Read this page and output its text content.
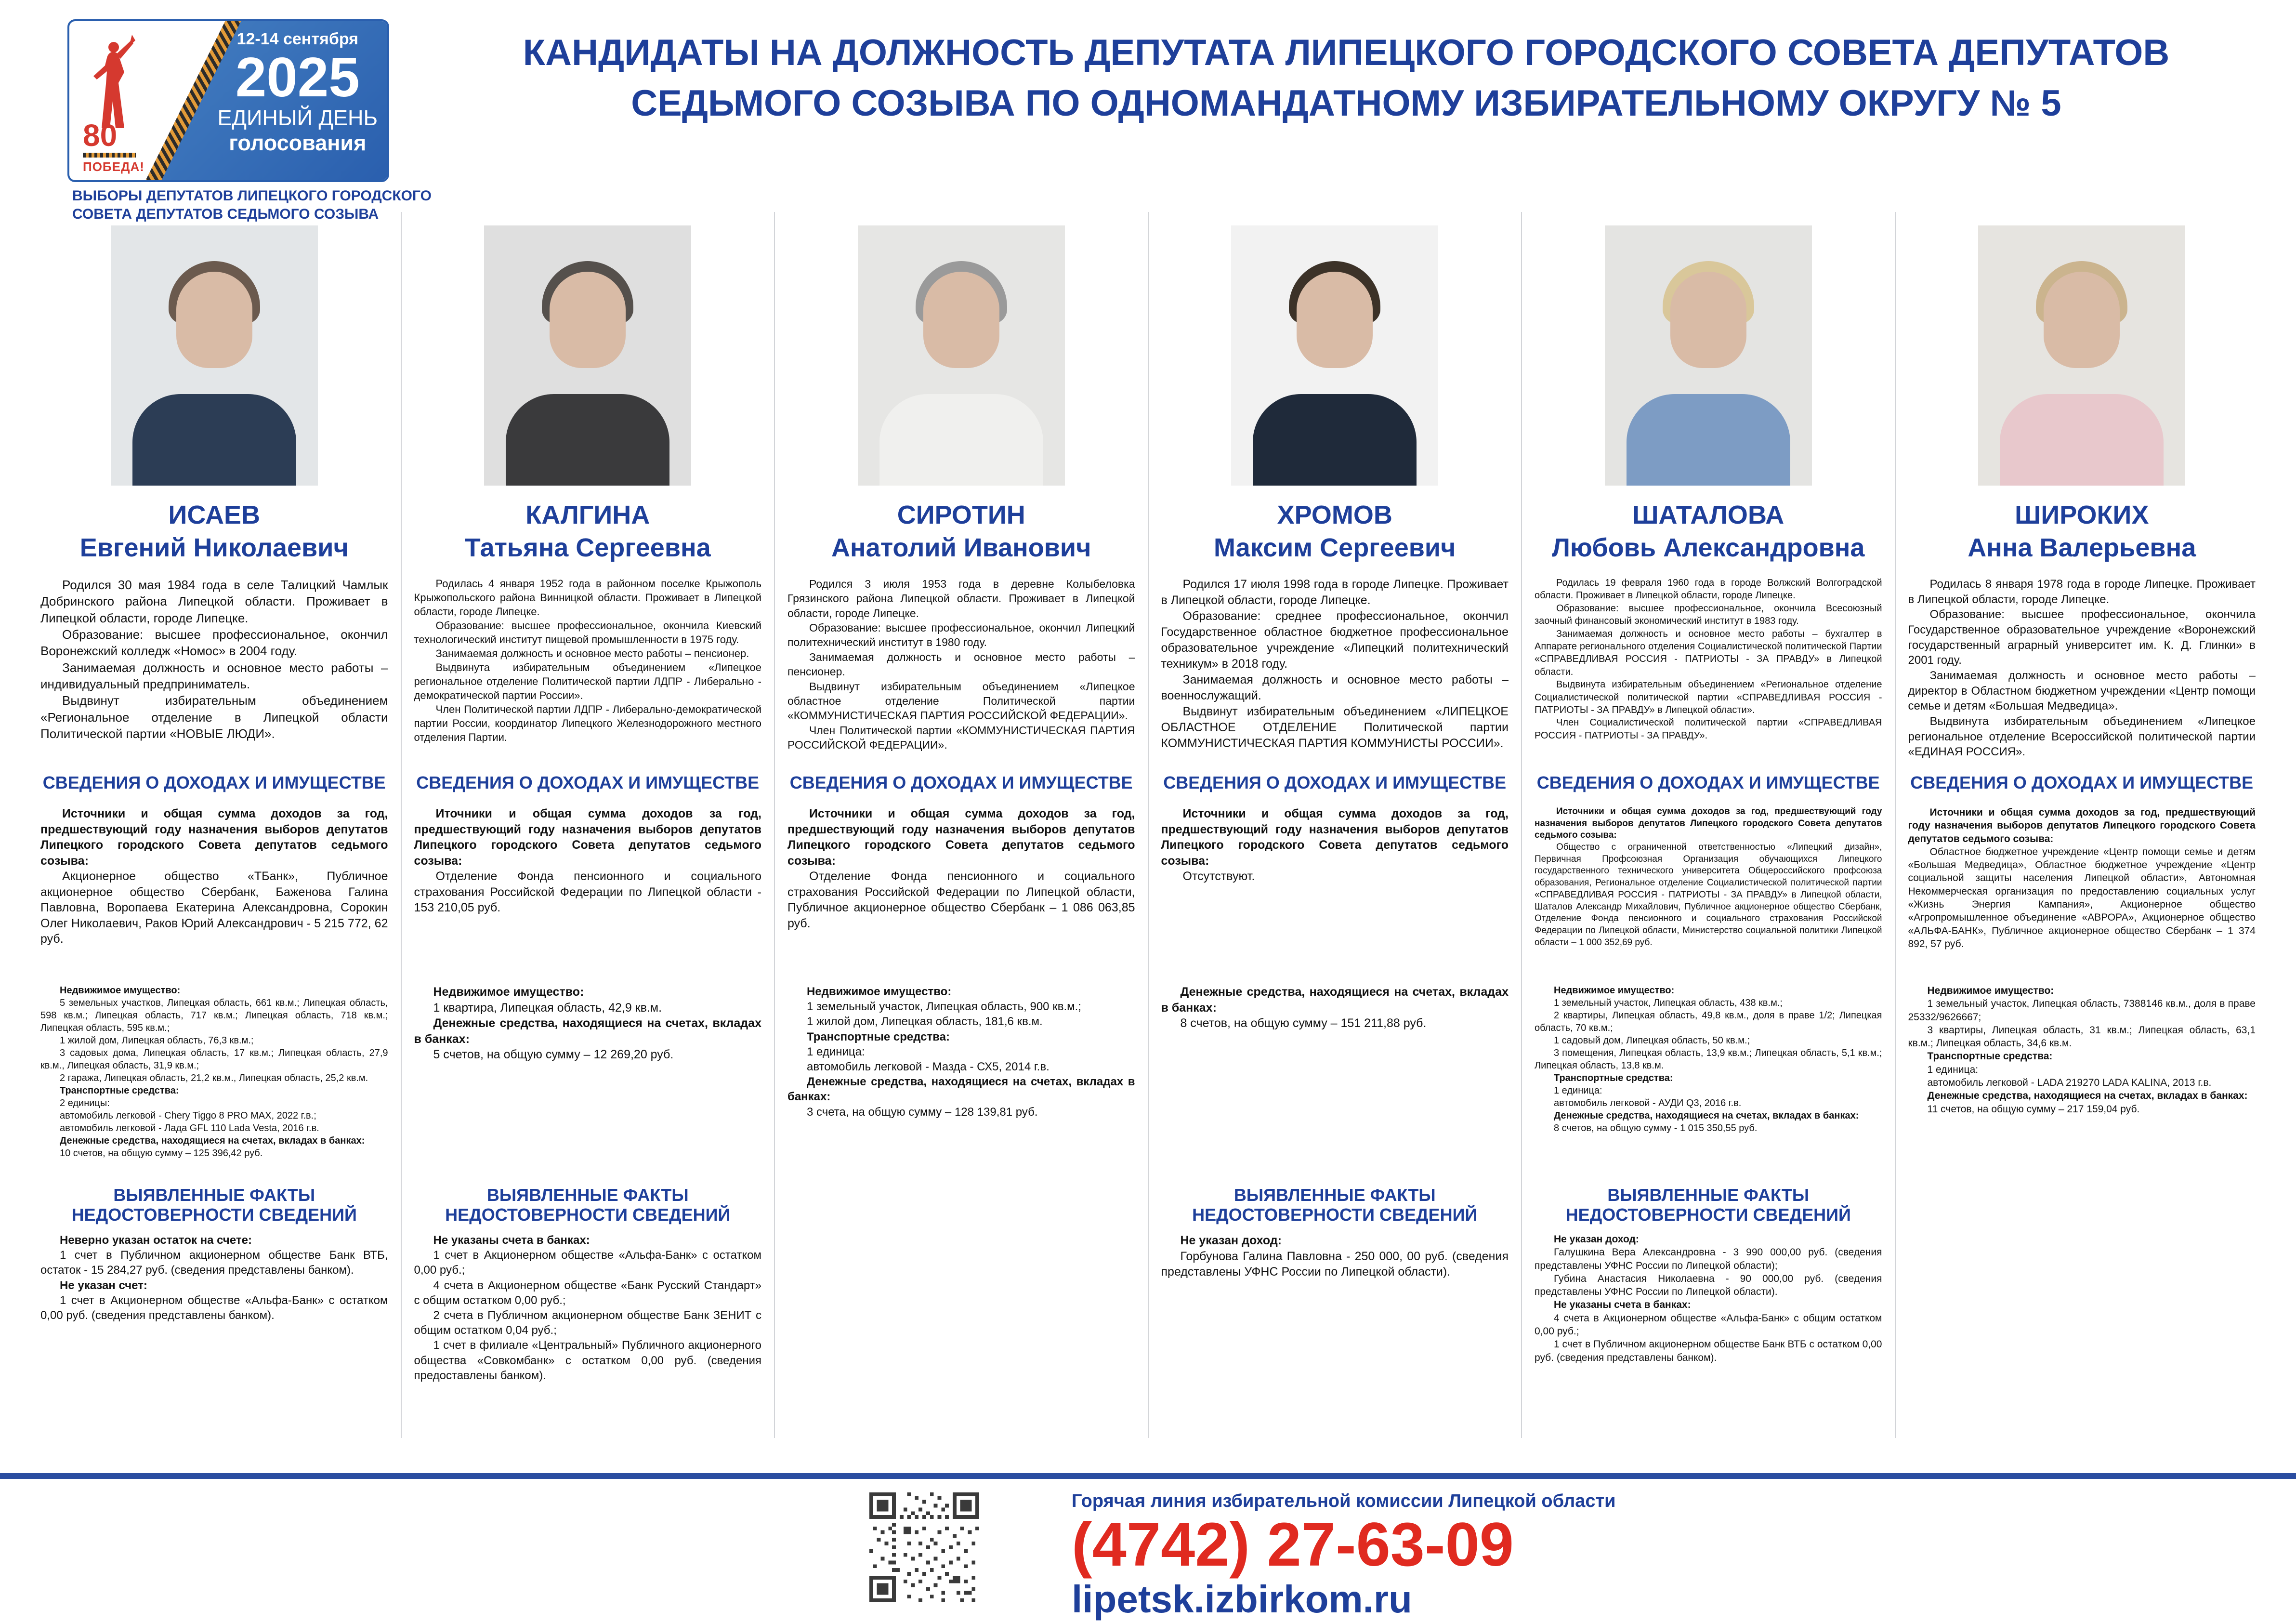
80
ПОБЕДА!
12-14 сентября
2025
ЕДИНЫЙ ДЕНЬ
голосования
ВЫБОРЫ ДЕПУТАТОВ ЛИПЕЦКОГО ГОРОДСКОГО
СОВЕТА ДЕПУТАТОВ СЕДЬМОГО СОЗЫВА
КАНДИДАТЫ НА ДОЛЖНОСТЬ ДЕПУТАТА ЛИПЕЦКОГО ГОРОДСКОГО СОВЕТА ДЕПУТАТОВ
СЕДЬМОГО СОЗЫВА ПО ОДНОМАНДАТНОМУ ИЗБИРАТЕЛЬНОМУ ОКРУГУ № 5
ИСАЕВ
Евгений Николаевич
Родился 30 мая 1984 года в селе Талицкий Чамлык Добринского района Липецкой области. Проживает в Липецкой области, городе Липецке.
Образование: высшее профессиональное, окончил Воронежский колледж «Номос» в 2004 году.
Занимаемая должность и основное место работы – индивидуальный предприниматель.
Выдвинут избирательным объединением «Региональное отделение в Липецкой области Политической партии «НОВЫЕ ЛЮДИ».
СВЕДЕНИЯ О ДОХОДАХ И ИМУЩЕСТВЕ
Источники и общая сумма доходов за год, предшествующий году назначения выборов депутатов Липецкого городского Совета депутатов седьмого созыва:
Акционерное общество «ТБанк», Публичное акционерное общество Сбербанк, Баженова Галина Павловна, Воропаева Екатерина Александровна, Сорокин Олег Николаевич, Раков Юрий Александрович - 5 215 772, 62 руб.
Недвижимое имущество:
5 земельных участков, Липецкая область, 661 кв.м.; Липецкая область, 598 кв.м.; Липецкая область, 717 кв.м.; Липецкая область, 718 кв.м.; Липецкая область, 595 кв.м.;
1 жилой дом, Липецкая область, 76,3 кв.м.;
3 садовых дома, Липецкая область, 17 кв.м.; Липецкая область, 27,9 кв.м., Липецкая область, 31,9 кв.м.;
2 гаража, Липецкая область, 21,2 кв.м., Липецкая область, 25,2 кв.м.
Транспортные средства:
2 единицы:
автомобиль легковой - Chery Tiggo 8 PRO MAX, 2022 г.в.;
автомобиль легковой - Лада GFL 110 Lada Vesta, 2016 г.в.
Денежные средства, находящиеся на счетах, вкладах в банках:
10 счетов, на общую сумму – 125 396,42 руб.
ВЫЯВЛЕННЫЕ ФАКТЫ НЕДОСТОВЕРНОСТИ СВЕДЕНИЙ
Неверно указан остаток на счете:
1 счет в Публичном акционерном обществе Банк ВТБ, остаток - 15 284,27 руб. (сведения представлены банком).
Не указан счет:
1 счет в Акционерном обществе «Альфа-Банк» с остатком 0,00 руб. (сведения представлены банком).
КАЛГИНА
Татьяна Сергеевна
Родилась 4 января 1952 года в районном поселке Крыжополь Крыжопольского района Винницкой области. Проживает в Липецкой области, городе Липецке.
Образование: высшее профессиональное, окончила Киевский технологический институт пищевой промышленности в 1975 году.
Занимаемая должность и основное место работы – пенсионер.
Выдвинута избирательным объединением «Липецкое региональное отделение Политической партии ЛДПР - Либерально - демократической партии России».
Член Политической партии ЛДПР - Либерально-демократической партии России, координатор Липецкого Железнодорожного местного отделения Партии.
СВЕДЕНИЯ О ДОХОДАХ И ИМУЩЕСТВЕ
Иточники и общая сумма доходов за год, предшествующий году назначения выборов депутатов Липецкого городского Совета депутатов седьмого созыва:
Отделение Фонда пенсионного и социального страхования Российской Федерации по Липецкой области - 153 210,05 руб.
Недвижимое имущество:
1 квартира, Липецкая область, 42,9 кв.м.
Денежные средства, находящиеся на счетах, вкладах в банках:
5 счетов, на общую сумму – 12 269,20 руб.
ВЫЯВЛЕННЫЕ ФАКТЫ НЕДОСТОВЕРНОСТИ СВЕДЕНИЙ
Не указаны счета в банках:
1 счет в Акционерном обществе «Альфа-Банк» с остатком 0,00 руб.;
4 счета в Акционерном обществе «Банк Русский Стандарт» с общим остатком 0,00 руб.;
2 счета в Публичном акционерном обществе Банк ЗЕНИТ с общим остатком 0,04 руб.;
1 счет в филиале «Центральный» Публичного акционерного общества «Совкомбанк» с остатком 0,00 руб. (сведения предоставлены банком).
СИРОТИН
Анатолий Иванович
Родился 3 июля 1953 года в деревне Колыбеловка Грязинского района Липецкой области. Проживает в Липецкой области, городе Липецке.
Образование: высшее профессиональное, окончил Липецкий политехнический институт в 1980 году.
Занимаемая должность и основное место работы – пенсионер.
Выдвинут избирательным объединением «Липецкое областное отделение Политической партии «КОММУНИСТИЧЕСКАЯ ПАРТИЯ РОССИЙСКОЙ ФЕДЕРАЦИИ».
Член Политической партии «КОММУНИСТИЧЕСКАЯ ПАРТИЯ РОССИЙСКОЙ ФЕДЕРАЦИИ».
СВЕДЕНИЯ О ДОХОДАХ И ИМУЩЕСТВЕ
Источники и общая сумма доходов за год, предшествующий году назначения выборов депутатов Липецкого городского Совета депутатов седьмого созыва:
Отделение Фонда пенсионного и социального страхования Российской Федерации по Липецкой области, Публичное акционерное общество Сбербанк – 1 086 063,85 руб.
Недвижимое имущество:
1 земельный участок, Липецкая область, 900 кв.м.;
1 жилой дом, Липецкая область, 181,6 кв.м.
Транспортные средства:
1 единица:
автомобиль легковой - Мазда - СХ5, 2014 г.в.
Денежные средства, находящиеся на счетах, вкладах в банках:
3 счета, на общую сумму – 128 139,81 руб.
ХРОМОВ
Максим Сергеевич
Родился 17 июля 1998 года в городе Липецке. Проживает в Липецкой области, городе Липецке.
Образование: среднее профессиональное, окончил Государственное областное бюджетное профессиональное образовательное учреждение «Липецкий политехнический техникум» в 2018 году.
Занимаемая должность и основное место работы – военнослужащий.
Выдвинут избирательным объединением «ЛИПЕЦКОЕ ОБЛАСТНОЕ ОТДЕЛЕНИЕ Политической партии КОММУНИСТИЧЕСКАЯ ПАРТИЯ КОММУНИСТЫ РОССИИ».
СВЕДЕНИЯ О ДОХОДАХ И ИМУЩЕСТВЕ
Источники и общая сумма доходов за год, предшествующий году назначения выборов депутатов Липецкого городского Совета депутатов седьмого созыва:
Отсутствуют.
Денежные средства, находящиеся на счетах, вкладах в банках:
8 счетов, на общую сумму – 151 211,88 руб.
ВЫЯВЛЕННЫЕ ФАКТЫ НЕДОСТОВЕРНОСТИ СВЕДЕНИЙ
Не указан доход:
Горбунова Галина Павловна - 250 000, 00 руб. (сведения представлены УФНС России по Липецкой области).
ШАТАЛОВА
Любовь Александровна
Родилась 19 февраля 1960 года в городе Волжский Волгоградской области. Проживает в Липецкой области, городе Липецке.
Образование: высшее профессиональное, окончила Всесоюзный заочный финансовый экономический институт в 1983 году.
Занимаемая должность и основное место работы – бухгалтер в Аппарате регионального отделения Социалистической политической Партии «СПРАВЕДЛИВАЯ РОССИЯ - ПАТРИОТЫ - ЗА ПРАВДУ» в Липецкой области.
Выдвинута избирательным объединением «Региональное отделение Социалистической политической партии «СПРАВЕДЛИВАЯ РОССИЯ - ПАТРИОТЫ - ЗА ПРАВДУ» в Липецкой области».
Член Социалистической политической партии «СПРАВЕДЛИВАЯ РОССИЯ - ПАТРИОТЫ - ЗА ПРАВДУ».
СВЕДЕНИЯ О ДОХОДАХ И ИМУЩЕСТВЕ
Источники и общая сумма доходов за год, предшествующий году назначения выборов депутатов Липецкого городского Совета депутатов седьмого созыва:
Общество с ограниченной ответственностью «Липецкий дизайн», Первичная Профсоюзная Организация обучающихся Липецкого государственного технического университета Общероссийского профсоюза образования, Региональное отделение Социалистической политической партии «СПРАВЕДЛИВАЯ РОССИЯ - ПАТРИОТЫ - ЗА ПРАВДУ» в Липецкой области, Шаталов Александр Михайлович, Публичное акционерное общество Сбербанк, Отделение Фонда пенсионного и социального страхования Российской Федерации по Липецкой области, Министерство социальной политики Липецкой области – 1 000 352,69 руб.
Недвижимое имущество:
1 земельный участок, Липецкая область, 438 кв.м.;
2 квартиры, Липецкая область, 49,8 кв.м., доля в праве 1/2; Липецкая область, 70 кв.м.;
1 садовый дом, Липецкая область, 50 кв.м.;
3 помещения, Липецкая область, 13,9 кв.м.; Липецкая область, 5,1 кв.м.; Липецкая область, 13,8 кв.м.
Транспортные средства:
1 единица:
автомобиль легковой - АУДИ Q3, 2016 г.в.
Денежные средства, находящиеся на счетах, вкладах в банках:
8 счетов, на общую сумму - 1 015 350,55 руб.
ВЫЯВЛЕННЫЕ ФАКТЫ НЕДОСТОВЕРНОСТИ СВЕДЕНИЙ
Не указан доход:
Галушкина Вера Александровна - 3 990 000,00 руб. (сведения представлены УФНС России по Липецкой области);
Губина Анастасия Николаевна - 90 000,00 руб. (сведения представлены УФНС России по Липецкой области).
Не указаны счета в банках:
4 счета в Акционерном обществе «Альфа-Банк» с общим остатком 0,00 руб.;
1 счет в Публичном акционерном обществе Банк ВТБ с остатком 0,00 руб. (сведения представлены банком).
ШИРОКИХ
Анна Валерьевна
Родилась 8 января 1978 года в городе Липецке. Проживает в Липецкой области, городе Липецке.
Образование: высшее профессиональное, окончила Государственное образовательное учреждение «Воронежский государственный аграрный университет им. К. Д. Глинки» в 2001 году.
Занимаемая должность и основное место работы – директор в Областном бюджетном учреждении «Центр помощи семье и детям «Большая Медведица».
Выдвинута избирательным объединением «Липецкое региональное отделение Всероссийской политической партии «ЕДИНАЯ РОССИЯ».
СВЕДЕНИЯ О ДОХОДАХ И ИМУЩЕСТВЕ
Источники и общая сумма доходов за год, предшествующий году назначения выборов депутатов Липецкого городского Совета депутатов седьмого созыва:
Областное бюджетное учреждение «Центр помощи семье и детям «Большая Медведица», Областное бюджетное учреждение «Центр социальной защиты населения Липецкой области», Автономная Некоммерческая организация по предоставлению социальных услуг «Жизнь Энергия Кампания», Акционерное общество «Агропромышленное объединение «АВРОРА», Акционерное общество «АЛЬФА-БАНК», Публичное акционерное общество Сбербанк – 1 374 892, 57 руб.
Недвижимое имущество:
1 земельный участок, Липецкая область, 7388146 кв.м., доля в праве 25332/9626667;
3 квартиры, Липецкая область, 31 кв.м.; Липецкая область, 63,1 кв.м.; Липецкая область, 34,6 кв.м.
Транспортные средства:
1 единица:
автомобиль легковой - LADA 219270 LADA KALINA, 2013 г.в.
Денежные средства, находящиеся на счетах, вкладах в банках:
11 счетов, на общую сумму – 217 159,04 руб.
Горячая линия избирательной комиссии Липецкой области
(4742) 27-63-09
lipetsk.izbirkom.ru
